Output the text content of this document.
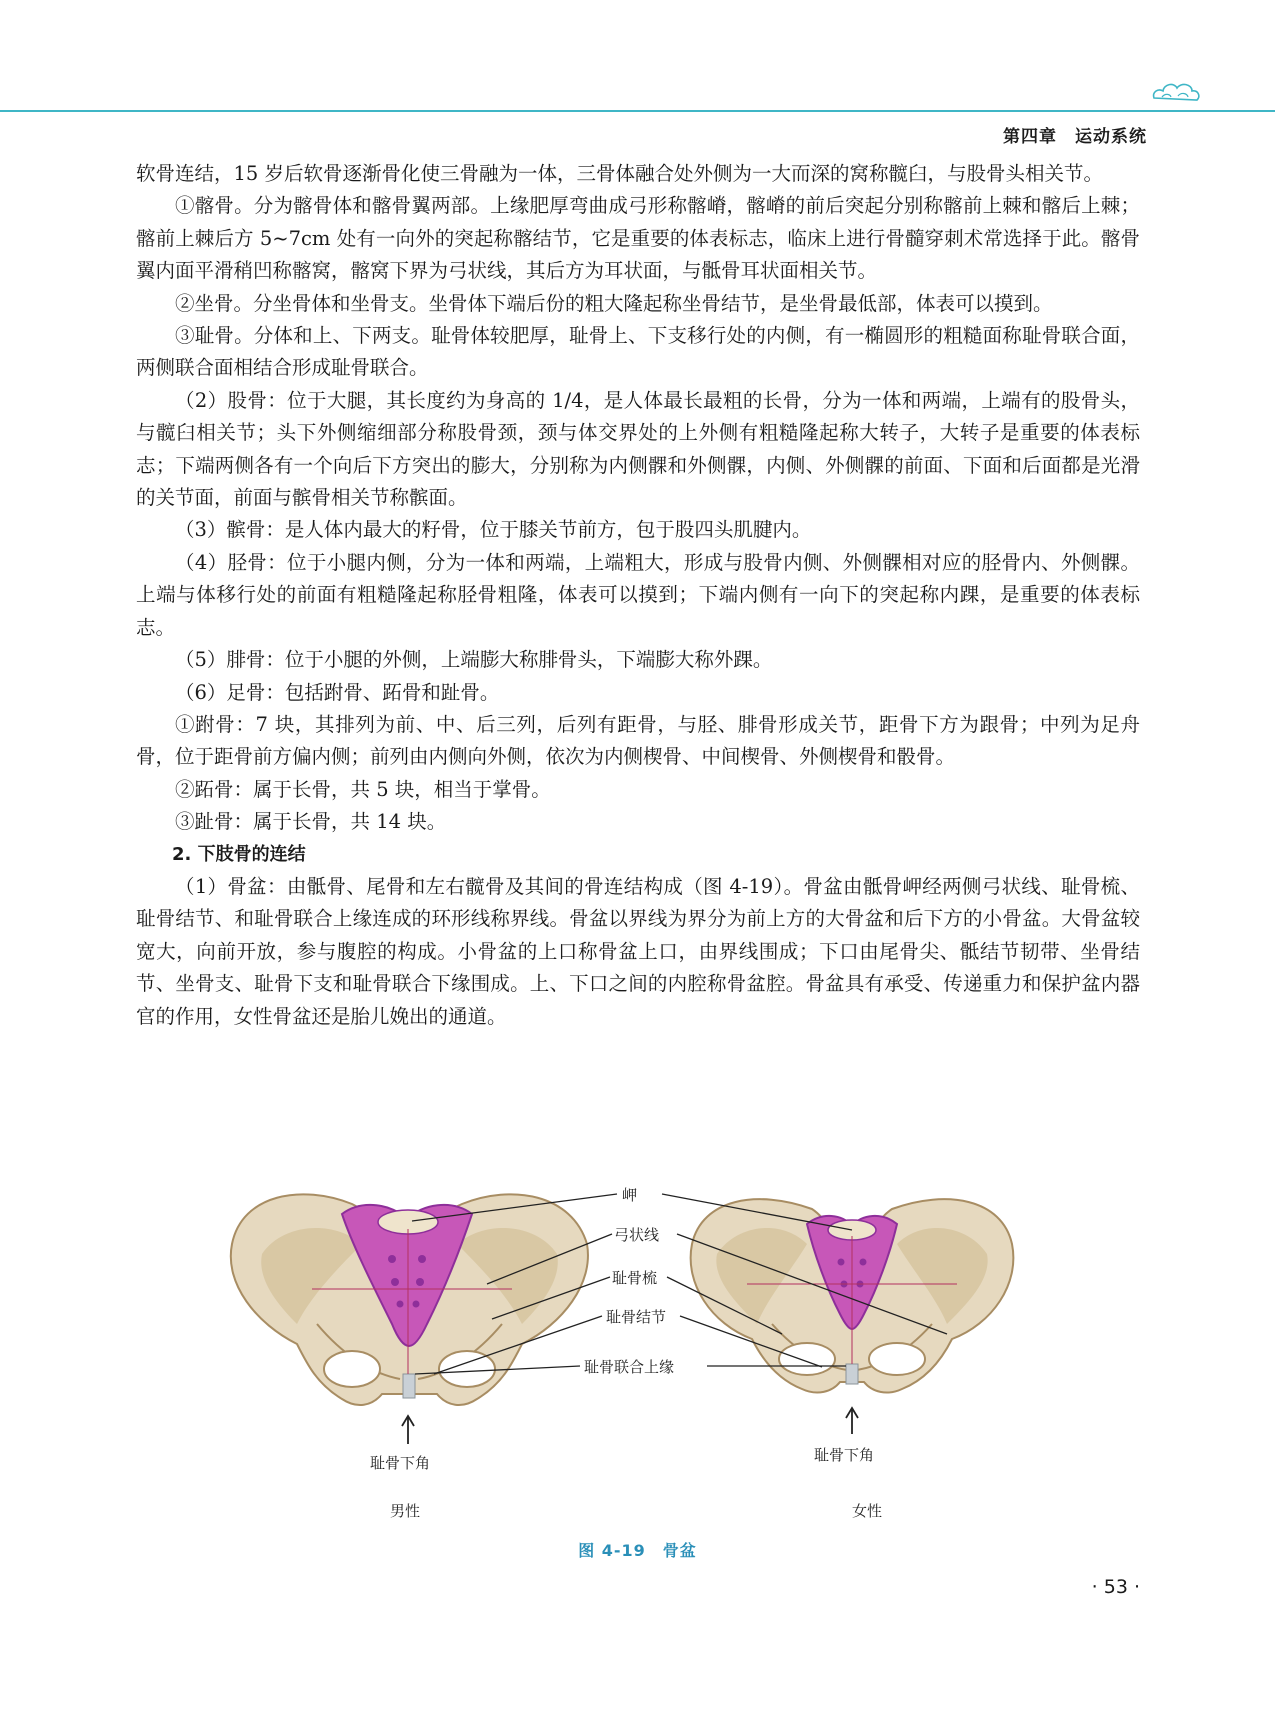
第四章　运动系统

软骨连结，15 岁后软骨逐渐骨化使三骨融为一体，三骨体融合处外侧为一大而深的窝称髋臼，与股骨头相关节。

①髂骨。分为髂骨体和髂骨翼两部。上缘肥厚弯曲成弓形称髂嵴，髂嵴的前后突起分别称髂前上棘和髂后上棘；髂前上棘后方 5~7cm 处有一向外的突起称髂结节，它是重要的体表标志，临床上进行骨髓穿刺术常选择于此。髂骨翼内面平滑稍凹称髂窝，髂窝下界为弓状线，其后方为耳状面，与骶骨耳状面相关节。

②坐骨。分坐骨体和坐骨支。坐骨体下端后份的粗大隆起称坐骨结节，是坐骨最低部，体表可以摸到。

③耻骨。分体和上、下两支。耻骨体较肥厚，耻骨上、下支移行处的内侧，有一椭圆形的粗糙面称耻骨联合面，两侧联合面相结合形成耻骨联合。

（2）股骨：位于大腿，其长度约为身高的 1/4，是人体最长最粗的长骨，分为一体和两端，上端有的股骨头，与髋臼相关节；头下外侧缩细部分称股骨颈，颈与体交界处的上外侧有粗糙隆起称大转子，大转子是重要的体表标志；下端两侧各有一个向后下方突出的膨大，分别称为内侧髁和外侧髁，内侧、外侧髁的前面、下面和后面都是光滑的关节面，前面与髌骨相关节称髌面。

（3）髌骨：是人体内最大的籽骨，位于膝关节前方，包于股四头肌腱内。

（4）胫骨：位于小腿内侧，分为一体和两端，上端粗大，形成与股骨内侧、外侧髁相对应的胫骨内、外侧髁。上端与体移行处的前面有粗糙隆起称胫骨粗隆，体表可以摸到；下端内侧有一向下的突起称内踝，是重要的体表标志。

（5）腓骨：位于小腿的外侧，上端膨大称腓骨头，下端膨大称外踝。

（6）足骨：包括跗骨、跖骨和趾骨。

①跗骨：7 块，其排列为前、中、后三列，后列有距骨，与胫、腓骨形成关节，距骨下方为跟骨；中列为足舟骨，位于距骨前方偏内侧；前列由内侧向外侧，依次为内侧楔骨、中间楔骨、外侧楔骨和骰骨。

②跖骨：属于长骨，共 5 块，相当于掌骨。

③趾骨：属于长骨，共 14 块。

2. 下肢骨的连结

（1）骨盆：由骶骨、尾骨和左右髋骨及其间的骨连结构成（图 4-19）。骨盆由骶骨岬经两侧弓状线、耻骨梳、耻骨结节、和耻骨联合上缘连成的环形线称界线。骨盆以界线为界分为前上方的大骨盆和后下方的小骨盆。大骨盆较宽大，向前开放，参与腹腔的构成。小骨盆的上口称骨盆上口，由界线围成；下口由尾骨尖、骶结节韧带、坐骨结节、坐骨支、耻骨下支和耻骨联合下缘围成。上、下口之间的内腔称骨盆腔。骨盆具有承受、传递重力和保护盆内器官的作用，女性骨盆还是胎儿娩出的通道。

岬
弓状线
耻骨梳
耻骨结节
耻骨联合上缘
耻骨下角	耻骨下角
男性	女性
图 4-19　骨盆
· 53 ·
